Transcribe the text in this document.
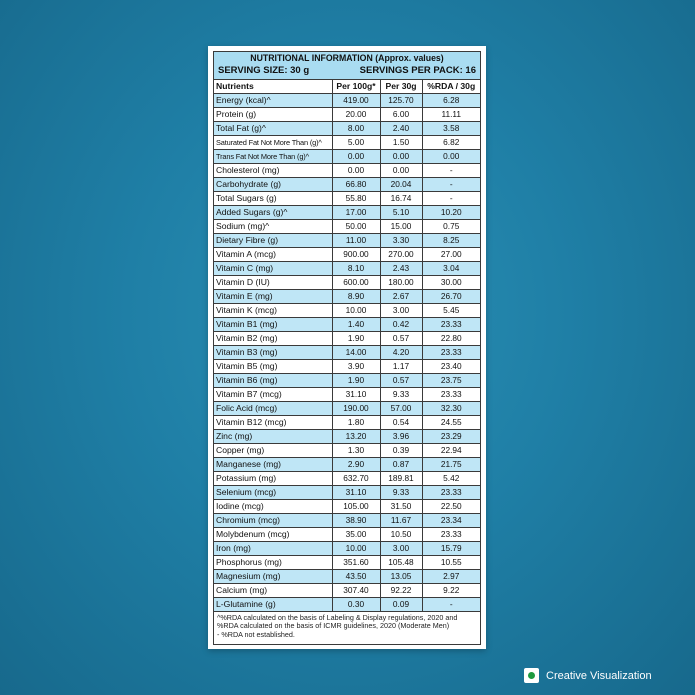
NUTRITIONAL INFORMATION (Approx. values)
SERVING SIZE: 30 g	SERVINGS PER PACK: 16
Nutrients	Per 100g*	Per 30g	%RDA / 30g
Energy (kcal)^	419.00	125.70	6.28
Protein (g)	20.00	6.00	11.11
Total Fat (g)^	8.00	2.40	3.58
Saturated Fat Not More Than (g)^	5.00	1.50	6.82
Trans Fat Not More Than (g)^	0.00	0.00	0.00
Cholesterol (mg)	0.00	0.00	-
Carbohydrate (g)	66.80	20.04	-
Total Sugars (g)	55.80	16.74	-
Added Sugars (g)^	17.00	5.10	10.20
Sodium (mg)^	50.00	15.00	0.75
Dietary Fibre (g)	11.00	3.30	8.25
Vitamin A (mcg)	900.00	270.00	27.00
Vitamin C (mg)	8.10	2.43	3.04
Vitamin D (IU)	600.00	180.00	30.00
Vitamin E (mg)	8.90	2.67	26.70
Vitamin K (mcg)	10.00	3.00	5.45
Vitamin B1 (mg)	1.40	0.42	23.33
Vitamin B2 (mg)	1.90	0.57	22.80
Vitamin B3 (mg)	14.00	4.20	23.33
Vitamin B5 (mg)	3.90	1.17	23.40
Vitamin B6 (mg)	1.90	0.57	23.75
Vitamin B7 (mcg)	31.10	9.33	23.33
Folic Acid (mcg)	190.00	57.00	32.30
Vitamin B12 (mcg)	1.80	0.54	24.55
Zinc (mg)	13.20	3.96	23.29
Copper (mg)	1.30	0.39	22.94
Manganese (mg)	2.90	0.87	21.75
Potassium (mg)	632.70	189.81	5.42
Selenium (mcg)	31.10	9.33	23.33
Iodine (mcg)	105.00	31.50	22.50
Chromium (mcg)	38.90	11.67	23.34
Molybdenum (mcg)	35.00	10.50	23.33
Iron (mg)	10.00	3.00	15.79
Phosphorus (mg)	351.60	105.48	10.55
Magnesium (mg)	43.50	13.05	2.97
Calcium (mg)	307.40	92.22	9.22
L-Glutamine (g)	0.30	0.09	-
^%RDA calculated on the basis of Labeling & Display regulations, 2020 and %RDA calculated on the basis of ICMR guidelines, 2020 (Moderate Men)
- %RDA not established.
Creative Visualization
